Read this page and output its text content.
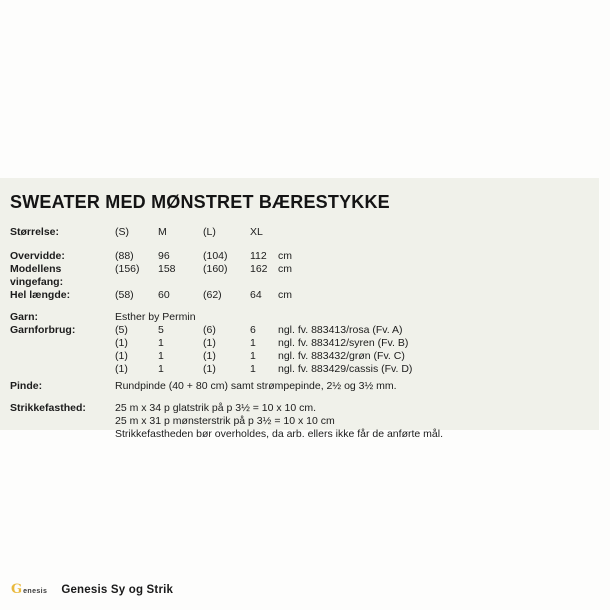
SWEATER MED MØNSTRET BÆRESTYKKE
Størrelse:	(S)	M	(L)	XL
Overvidde:	(88)	96	(104)	112	cm
Modellens vingefang:
(156)	158	(160)	162 cm
Hel længde:	(58)	60	(62)	64	cm
Garn:	Esther by Permin
Garnforbrug:	(5)	5	(6)	6	ngl. fv. 883413/rosa (Fv. A)
(1)	1	(1)	1	ngl. fv. 883412/syren (Fv. B)
(1)	1	(1)	1	ngl. fv. 883432/grøn (Fv. C)
(1)	1	(1)	1	ngl. fv. 883429/cassis (Fv. D)
Pinde:	Rundpinde (40 + 80 cm) samt strømpepinde, 2½ og 3½ mm.
Strikkefasthed:	25 m x 34 p glatstrik på p 3½ = 10 x 10 cm.
25 m x 31 p mønsterstrik på p 3½ = 10 x 10 cm
Strikkefastheden bør overholdes, da arb. ellers ikke får de anførte mål.
G enesis Genesis Sy og Strik
